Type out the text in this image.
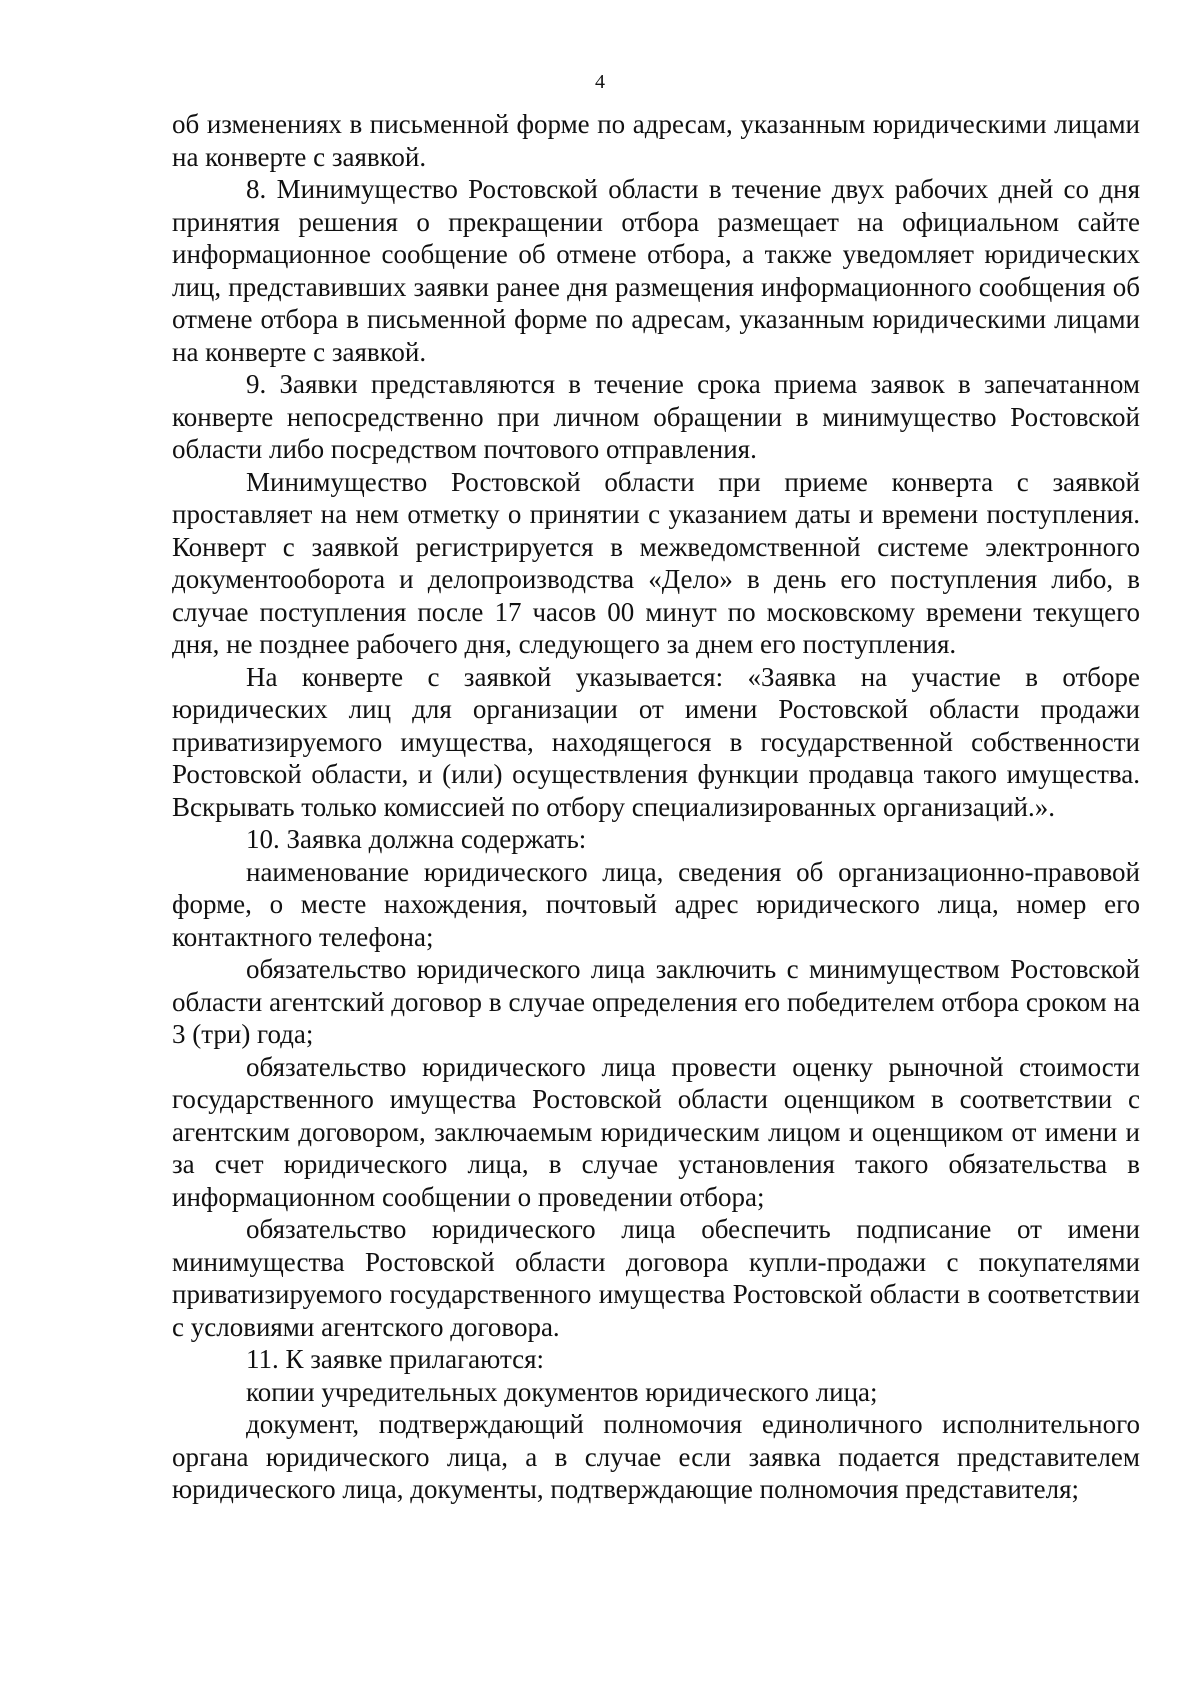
4

об изменениях в письменной форме по адресам, указанным юридическими лицами на конверте с заявкой.

8. Минимущество Ростовской области в течение двух рабочих дней со дня принятия решения о прекращении отбора размещает на официальном сайте информационное сообщение об отмене отбора, а также уведомляет юридических лиц, представивших заявки ранее дня размещения информационного сообщения об отмене отбора в письменной форме по адресам, указанным юридическими лицами на конверте с заявкой.

9. Заявки представляются в течение срока приема заявок в запечатанном конверте непосредственно при личном обращении в минимущество Ростовской области либо посредством почтового отправления.

Минимущество Ростовской области при приеме конверта с заявкой проставляет на нем отметку о принятии с указанием даты и времени поступления. Конверт с заявкой регистрируется в межведомственной системе электронного документооборота и делопроизводства «Дело» в день его поступления либо, в случае поступления после 17 часов 00 минут по московскому времени текущего дня, не позднее рабочего дня, следующего за днем его поступления.

На конверте с заявкой указывается: «Заявка на участие в отборе юридических лиц для организации от имени Ростовской области продажи приватизируемого имущества, находящегося в государственной собственности Ростовской области, и (или) осуществления функции продавца такого имущества. Вскрывать только комиссией по отбору специализированных организаций.».

10. Заявка должна содержать:

наименование юридического лица, сведения об организационно-правовой форме, о месте нахождения, почтовый адрес юридического лица, номер его контактного телефона;

обязательство юридического лица заключить с минимуществом Ростовской области агентский договор в случае определения его победителем отбора сроком на 3 (три) года;

обязательство юридического лица провести оценку рыночной стоимости государственного имущества Ростовской области оценщиком в соответствии с агентским договором, заключаемым юридическим лицом и оценщиком от имени и за счет юридического лица, в случае установления такого обязательства в информационном сообщении о проведении отбора;

обязательство юридического лица обеспечить подписание от имени минимущества Ростовской области договора купли-продажи с покупателями приватизируемого государственного имущества Ростовской области в соответствии с условиями агентского договора.

11. К заявке прилагаются:

копии учредительных документов юридического лица;

документ, подтверждающий полномочия единоличного исполнительного органа юридического лица, а в случае если заявка подается представителем юридического лица, документы, подтверждающие полномочия представителя;
